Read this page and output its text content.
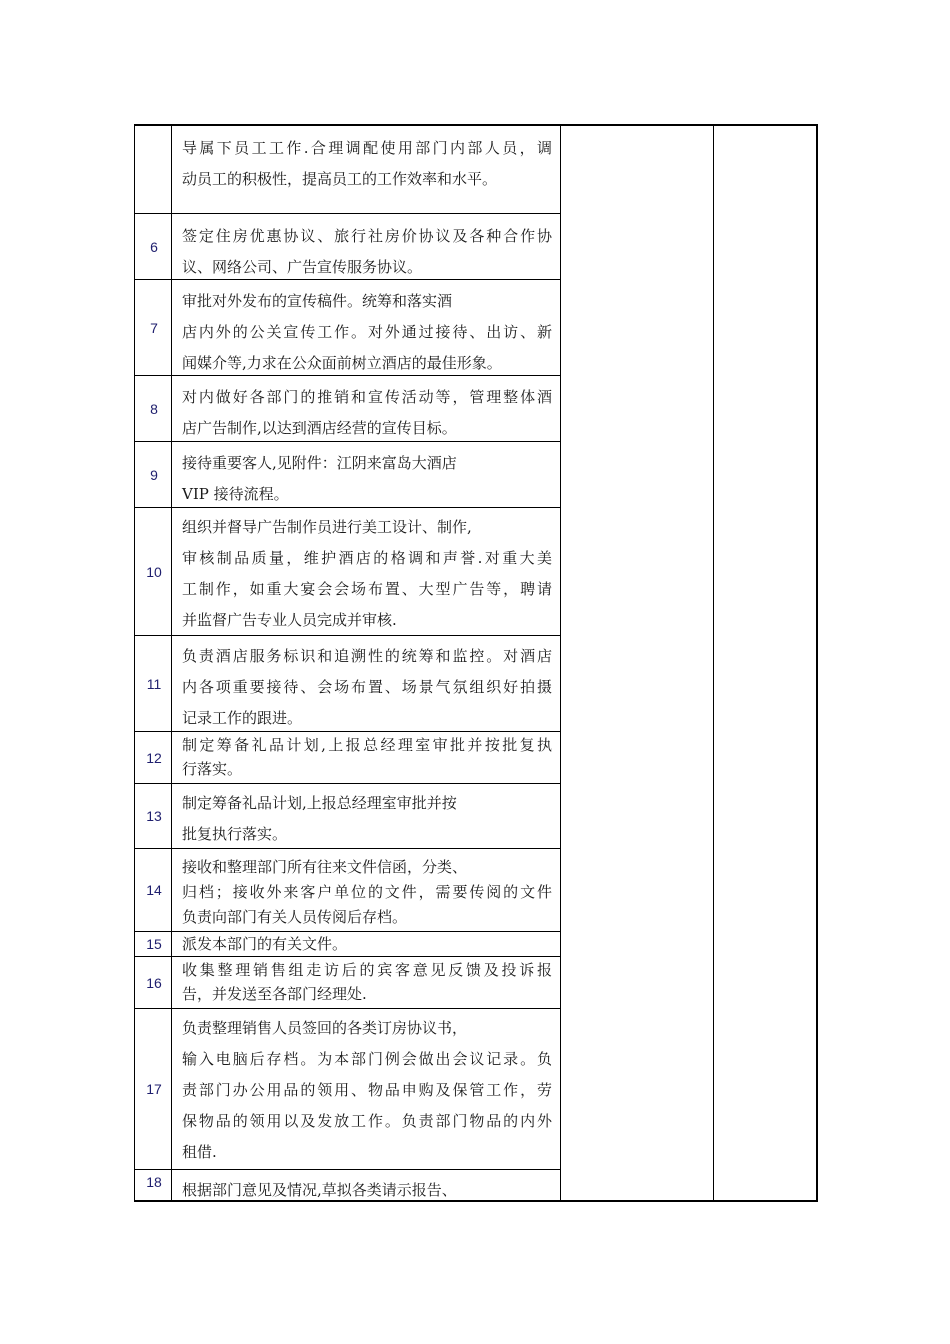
导属下员工工作.合理调配使用部门内部人员，调
动员工的积极性，提高员工的工作效率和水平。
6
签定住房优惠协议、旅行社房价协议及各种合作协
议、网络公司、广告宣传服务协议。
7
审批对外发布的宣传稿件。统筹和落实酒
店内外的公关宣传工作。对外通过接待、出访、新
闻媒介等,力求在公众面前树立酒店的最佳形象。
8
对内做好各部门的推销和宣传活动等，管理整体酒
店广告制作,以达到酒店经营的宣传目标。
9
接待重要客人,见附件：江阴来富岛大酒店
VIP 接待流程。
10
组织并督导广告制作员进行美工设计、制作,
审核制品质量，维护酒店的格调和声誉.对重大美
工制作，如重大宴会会场布置、大型广告等，聘请
并监督广告专业人员完成并审核.
11
负责酒店服务标识和追溯性的统筹和监控。对酒店
内各项重要接待、会场布置、场景气氛组织好拍摄
记录工作的跟进。
12
制定筹备礼品计划,上报总经理室审批并按批复执
行落实。
13
制定筹备礼品计划,上报总经理室审批并按
批复执行落实。
14
接收和整理部门所有往来文件信函，分类、
归档；接收外来客户单位的文件，需要传阅的文件
负责向部门有关人员传阅后存档。
15	派发本部门的有关文件。
16
收集整理销售组走访后的宾客意见反馈及投诉报
告，并发送至各部门经理处.
17
负责整理销售人员签回的各类订房协议书，
输入电脑后存档。为本部门例会做出会议记录。负
责部门办公用品的领用、物品申购及保管工作，劳
保物品的领用以及发放工作。负责部门物品的内外
租借.
18	根据部门意见及情况,草拟各类请示报告、
